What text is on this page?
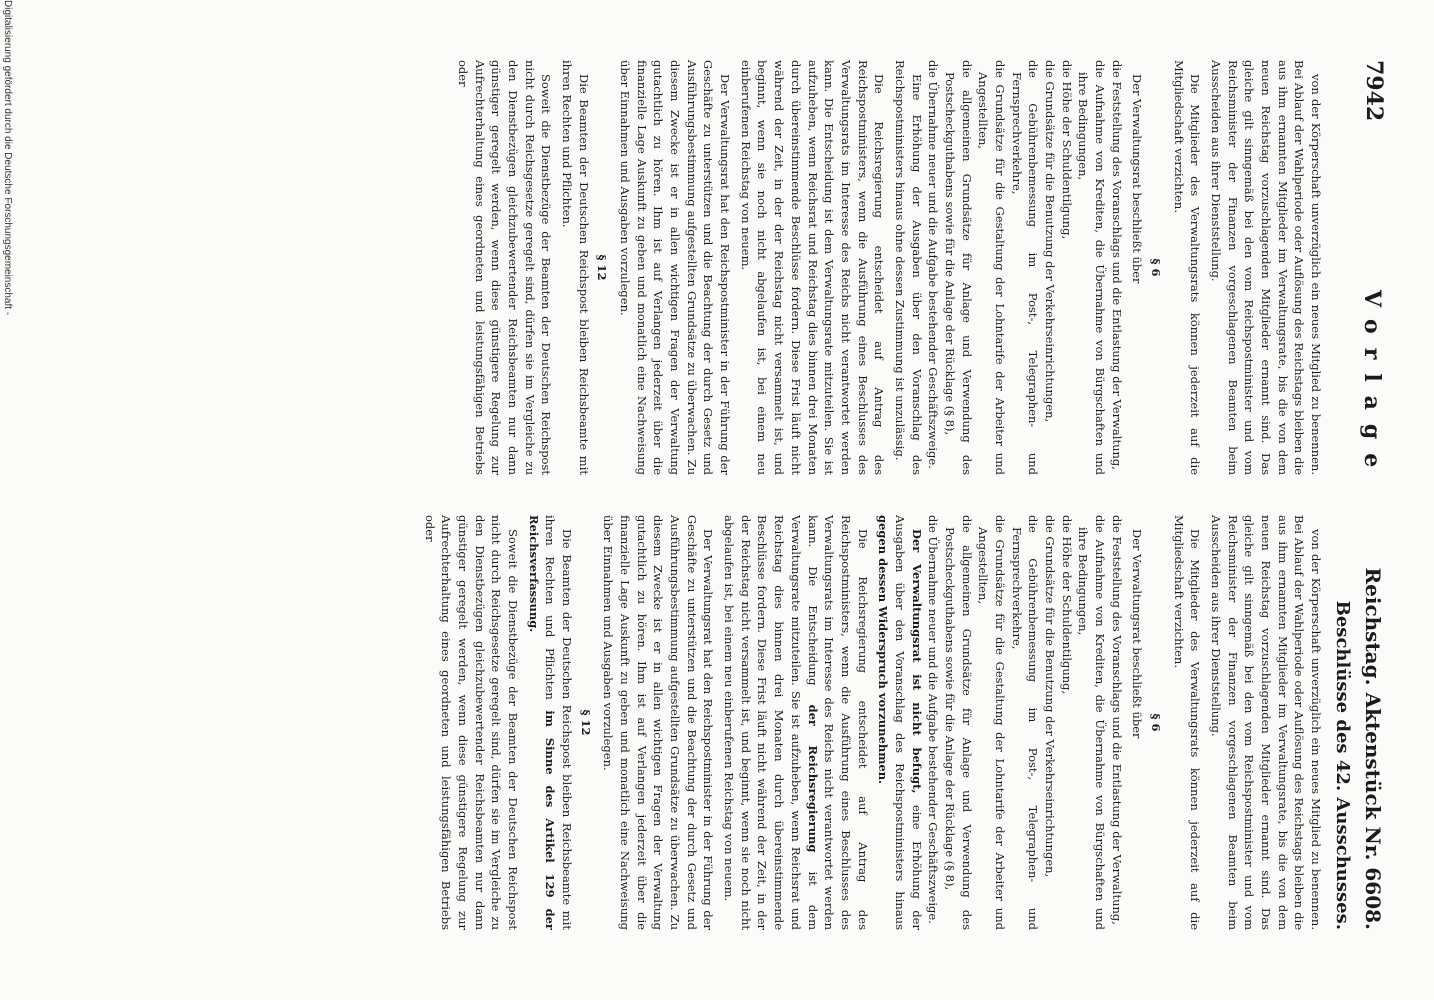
7942
Vorlage
Reichstag. Aktenstück Nr. 6608.
Beschlüsse des 42. Ausschusses.

von der Körperschaft unverzüglich ein neues Mitglied zu benennen. Bei Ablauf der Wahlperiode oder Auflösung des Reichstags bleiben die aus ihm ernannten Mitglieder im Verwaltungsrate, bis die von dem neuen Reichstag vorzuschlagenden Mitglieder ernannt sind. Das gleiche gilt sinngemäß bei den vom Reichspostminister und vom Reichsminister der Finanzen vorgeschlagenen Beamten beim Ausscheiden aus ihrer Dienststellung.

Die Mitglieder des Verwaltungsrats können jederzeit auf die Mitgliedschaft verzichten.

§ 6

Der Verwaltungsrat beschließt über

die Feststellung des Voranschlags und die Entlastung der Verwaltung,

die Aufnahme von Krediten, die Übernahme von Bürgschaften und ihre Bedingungen,

die Höhe der Schuldentilgung,

die Grundsätze für die Benutzung der Verkehrseinrichtungen,

die Gebührenbemessung im Post-, Telegraphen- und Fernsprechverkehre,

die Grundsätze für die Gestaltung der Lohntarife der Arbeiter und Angestellten,

die allgemeinen Grundsätze für Anlage und Verwendung des Postscheckguthabens sowie für die Anlage der Rücklage (§ 8),

die Übernahme neuer und die Aufgabe bestehender Geschäftszweige.

Eine Erhöhung der Ausgaben über den Voranschlag des Reichspostministers hinaus ohne dessen Zustimmung ist unzulässig.

Die Reichsregierung entscheidet auf Antrag des Reichspostministers, wenn die Ausführung eines Beschlusses des Verwaltungsrats im Interesse des Reichs nicht verantwortet werden kann. Die Entscheidung ist dem Verwaltungsrate mitzuteilen. Sie ist aufzuheben, wenn Reichsrat und Reichstag dies binnen drei Monaten durch übereinstimmende Beschlüsse fordern. Diese Frist läuft nicht während der Zeit, in der der Reichstag nicht versammelt ist, und beginnt, wenn sie noch nicht abgelaufen ist, bei einem neu einberufenen Reichstag von neuem.

Der Verwaltungsrat hat den Reichspostminister in der Führung der Geschäfte zu unterstützen und die Beachtung der durch Gesetz und Ausführungsbestimmung aufgestellten Grundsätze zu überwachen. Zu diesem Zwecke ist er in allen wichtigen Fragen der Verwaltung gutachtlich zu hören. Ihm ist auf Verlangen jederzeit über die finanzielle Lage Auskunft zu geben und monatlich eine Nachweisung über Einnahmen und Ausgaben vorzulegen.

§ 12

Die Beamten der Deutschen Reichspost bleiben Reichsbeamte mit ihren Rechten und Pflichten.

Soweit die Dienstbezüge der Beamten der Deutschen Reichspost nicht durch Reichsgesetze geregelt sind, dürfen sie im Vergleiche zu den Dienstbezügen gleichzubewertender Reichsbeamten nur dann günstiger geregelt werden, wenn diese günstigere Regelung zur Aufrechterhaltung eines geordneten und leistungsfähigen Betriebs oder

von der Körperschaft unverzüglich ein neues Mitglied zu benennen. Bei Ablauf der Wahlperiode oder Auflösung des Reichstags bleiben die aus ihm ernannten Mitglieder im Verwaltungsrate, bis die von dem neuen Reichstag vorzuschlagenden Mitglieder ernannt sind. Das gleiche gilt sinngemäß bei den vom Reichspostminister und vom Reichsminister der Finanzen vorgeschlagenen Beamten beim Ausscheiden aus ihrer Dienststellung.

Die Mitglieder des Verwaltungsrats können jederzeit auf die Mitgliedschaft verzichten.

§ 6

Der Verwaltungsrat beschließt über

die Feststellung des Voranschlags und die Entlastung der Verwaltung,

die Aufnahme von Krediten, die Übernahme von Bürgschaften und ihre Bedingungen,

die Höhe der Schuldentilgung,

die Grundsätze für die Benutzung der Verkehrseinrichtungen,

die Gebührenbemessung im Post-, Telegraphen- und Fernsprechverkehre,

die Grundsätze für die Gestaltung der Lohntarife der Arbeiter und Angestellten,

die allgemeinen Grundsätze für Anlage und Verwendung des Postscheckguthabens sowie für die Anlage der Rücklage (§ 8),

die Übernahme neuer und die Aufgabe bestehender Geschäftszweige.

Der Verwaltungsrat ist nicht befugt, eine Erhöhung der Ausgaben über den Voranschlag des Reichspostministers hinaus gegen dessen Widerspruch vorzunehmen.

Die Reichsregierung entscheidet auf Antrag des Reichspostministers, wenn die Ausführung eines Beschlusses des Verwaltungsrats im Interesse des Reichs nicht verantwortet werden kann. Die Entscheidung der Reichsregierung ist dem Verwaltungsrate mitzuteilen. Sie ist aufzuheben, wenn Reichsrat und Reichstag dies binnen drei Monaten durch übereinstimmende Beschlüsse fordern. Diese Frist läuft nicht während der Zeit, in der der Reichstag nicht versammelt ist, und beginnt, wenn sie noch nicht abgelaufen ist, bei einem neu einberufenen Reichstag von neuem.

Der Verwaltungsrat hat den Reichspostminister in der Führung der Geschäfte zu unterstützen und die Beachtung der durch Gesetz und Ausführungsbestimmung aufgestellten Grundsätze zu überwachen. Zu diesem Zwecke ist er in allen wichtigen Fragen der Verwaltung gutachtlich zu hören. Ihm ist auf Verlangen jederzeit über die finanzielle Lage Auskunft zu geben und monatlich eine Nachweisung über Einnahmen und Ausgaben vorzulegen.

§ 12

Die Beamten der Deutschen Reichspost bleiben Reichsbeamte mit ihren Rechten und Pflichten im Sinne des Artikel 129 der Reichsverfassung.

Soweit die Dienstbezüge der Beamten der Deutschen Reichspost nicht durch Reichsgesetze geregelt sind, dürfen sie im Vergleiche zu den Dienstbezügen gleichzubewertender Reichsbeamten nur dann günstiger geregelt werden, wenn diese günstigere Regelung zur Aufrechterhaltung eines geordneten und leistungsfähigen Betriebs oder

Digitalisierung gefördert durch die Deutsche Forschungsgemeinschaft -
